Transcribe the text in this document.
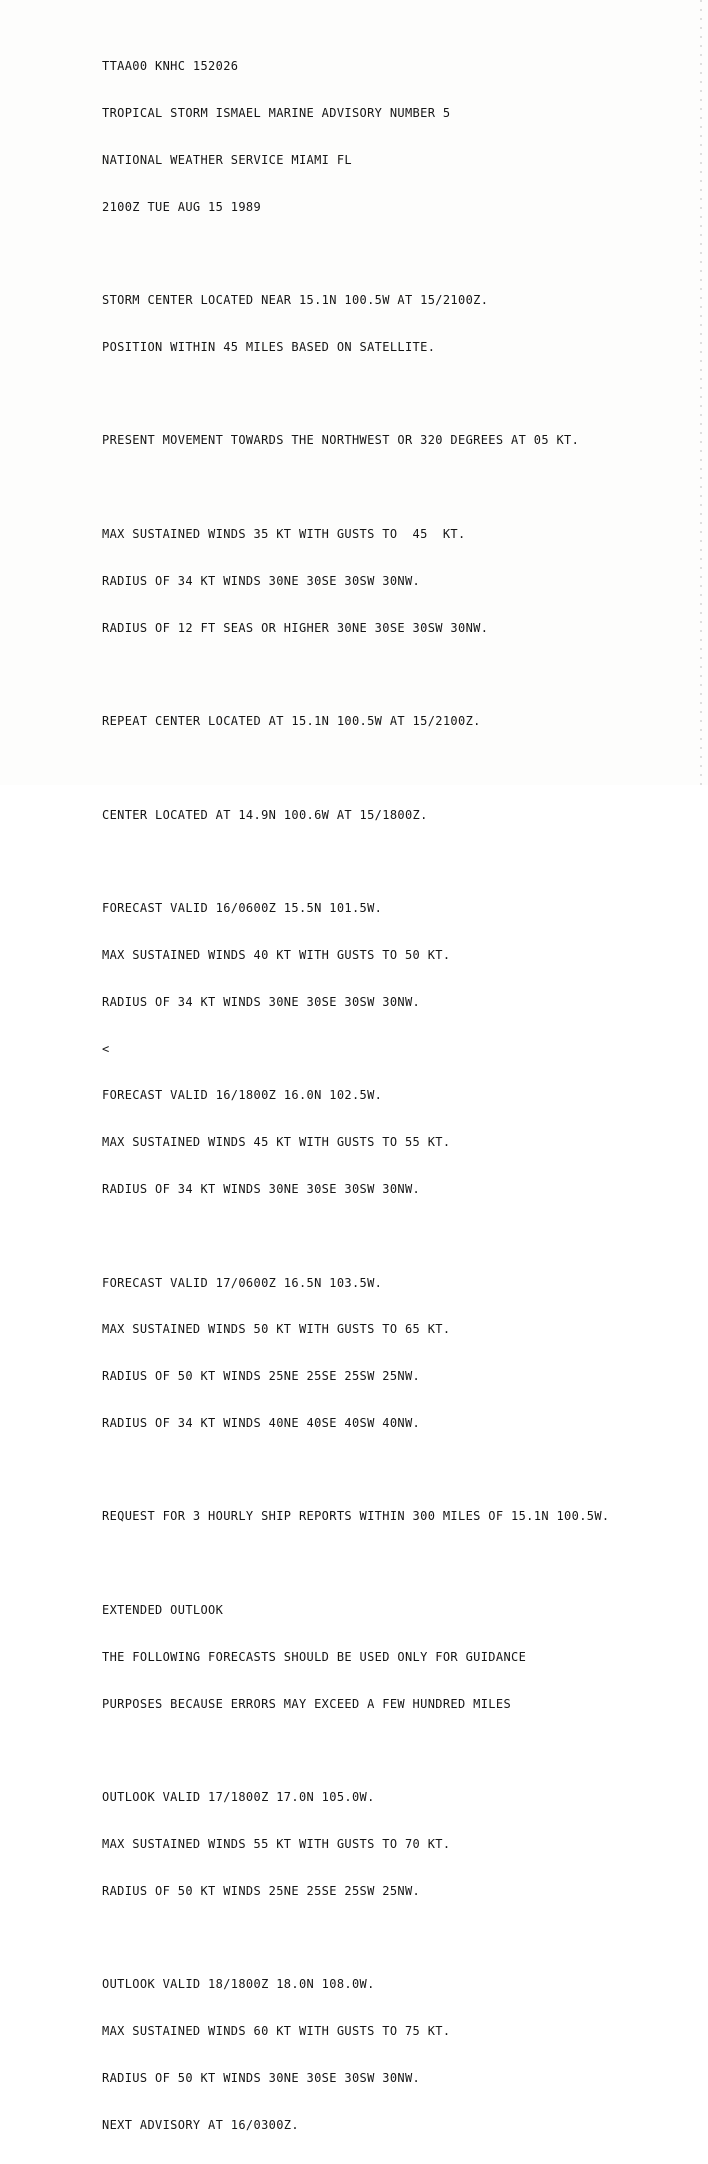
TTAA00 KNHC 152026

TROPICAL STORM ISMAEL MARINE ADVISORY NUMBER 5

NATIONAL WEATHER SERVICE MIAMI FL

2100Z TUE AUG 15 1989

STORM CENTER LOCATED NEAR 15.1N 100.5W AT 15/2100Z.

POSITION WITHIN 45 MILES BASED ON SATELLITE.

PRESENT MOVEMENT TOWARDS THE NORTHWEST OR 320 DEGREES AT 05 KT.

MAX SUSTAINED WINDS 35 KT WITH GUSTS TO  45  KT.

RADIUS OF 34 KT WINDS 30NE 30SE 30SW 30NW.

RADIUS OF 12 FT SEAS OR HIGHER 30NE 30SE 30SW 30NW.

REPEAT CENTER LOCATED AT 15.1N 100.5W AT 15/2100Z.

CENTER LOCATED AT 14.9N 100.6W AT 15/1800Z.

FORECAST VALID 16/0600Z 15.5N 101.5W.

MAX SUSTAINED WINDS 40 KT WITH GUSTS TO 50 KT.

RADIUS OF 34 KT WINDS 30NE 30SE 30SW 30NW.

<

FORECAST VALID 16/1800Z 16.0N 102.5W.

MAX SUSTAINED WINDS 45 KT WITH GUSTS TO 55 KT.

RADIUS OF 34 KT WINDS 30NE 30SE 30SW 30NW.

FORECAST VALID 17/0600Z 16.5N 103.5W.

MAX SUSTAINED WINDS 50 KT WITH GUSTS TO 65 KT.

RADIUS OF 50 KT WINDS 25NE 25SE 25SW 25NW.

RADIUS OF 34 KT WINDS 40NE 40SE 40SW 40NW.

REQUEST FOR 3 HOURLY SHIP REPORTS WITHIN 300 MILES OF 15.1N 100.5W.

EXTENDED OUTLOOK

THE FOLLOWING FORECASTS SHOULD BE USED ONLY FOR GUIDANCE

PURPOSES BECAUSE ERRORS MAY EXCEED A FEW HUNDRED MILES

OUTLOOK VALID 17/1800Z 17.0N 105.0W.

MAX SUSTAINED WINDS 55 KT WITH GUSTS TO 70 KT.

RADIUS OF 50 KT WINDS 25NE 25SE 25SW 25NW.

OUTLOOK VALID 18/1800Z 18.0N 108.0W.

MAX SUSTAINED WINDS 60 KT WITH GUSTS TO 75 KT.

RADIUS OF 50 KT WINDS 30NE 30SE 30SW 30NW.

NEXT ADVISORY AT 16/0300Z.
